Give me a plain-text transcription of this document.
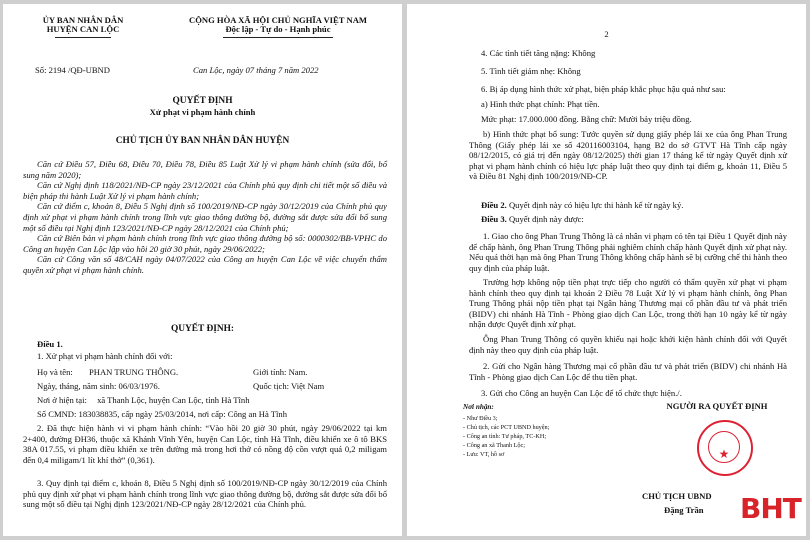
ỦY BAN NHÂN DÂN
HUYỆN CAN LỘC
CỘNG HÒA XÃ HỘI CHỦ NGHĨA VIỆT NAM
Độc lập - Tự do - Hạnh phúc
Số: 2194 /QĐ-UBND	Can Lộc, ngày 07 tháng 7 năm 2022
QUYẾT ĐỊNH
Xử phạt vi phạm hành chính
CHỦ TỊCH ỦY BAN NHÂN DÂN HUYỆN
Căn cứ Điều 57, Điều 68, Điều 70, Điều 78, Điều 85 Luật Xử lý vi phạm hành chính (sửa đổi, bổ sung năm 2020);
Căn cứ Nghị định 118/2021/NĐ-CP ngày 23/12/2021 của Chính phủ quy định chi tiết một số điều và biện pháp thi hành Luật Xử lý vi phạm hành chính;
Căn cứ điểm c, khoản 8, Điều 5 Nghị định số 100/2019/NĐ-CP ngày 30/12/2019 của Chính phủ quy định xử phạt vi phạm hành chính trong lĩnh vực giao thông đường bộ, đường sắt được sửa đổi bổ sung một số điều tại Nghị định 123/2021/NĐ-CP ngày 28/12/2021 của Chính phủ;
Căn cứ Biên bản vi phạm hành chính trong lĩnh vực giao thông đường bộ số: 0000302/BB-VPHC do Công an huyện Can Lộc lập vào hồi 20 giờ 30 phút, ngày 29/06/2022;
Căn cứ Công văn số 48/CAH ngày 04/07/2022 của Công an huyện Can Lộc về việc chuyển thẩm quyền xử phạt vi phạm hành chính.
QUYẾT ĐỊNH:
Điều 1.
1. Xử phạt vi phạm hành chính đối với:
Họ và tên: PHAN TRUNG THÔNG.	Giới tính: Nam.
Ngày, tháng, năm sinh: 06/03/1976.	Quốc tịch: Việt Nam
Nơi ở hiện tại: xã Thanh Lộc, huyện Can Lộc, tỉnh Hà Tĩnh
Số CMND: 183038835, cấp ngày 25/03/2014, nơi cấp: Công an Hà Tĩnh
2. Đã thực hiện hành vi vi phạm hành chính: “Vào hồi 20 giờ 30 phút, ngày 29/06/2022 tại km 2+400, đường ĐH36, thuộc xã Khánh Vĩnh Yên, huyện Can Lộc, tỉnh Hà Tĩnh, điều khiển xe ô tô BKS 38A 017.55, vi phạm điều khiển xe trên đường mà trong hơi thở có nồng độ cồn vượt quá 0,2 miligam đến 0,4 miligam/1 lít khí thở” (0,361).
3. Quy định tại điểm c, khoản 8, Điều 5 Nghị định số 100/2019/NĐ-CP ngày 30/12/2019 của Chính phủ quy định xử phạt vi phạm hành chính trong lĩnh vực giao thông đường bộ, đường sắt được sửa đổi bổ sung một số điều tại Nghị định 123/2021/NĐ-CP ngày 28/12/2021 của Chính phủ.
2
4. Các tình tiết tăng nặng: Không
5. Tình tiết giảm nhẹ: Không
6. Bị áp dụng hình thức xử phạt, biện pháp khắc phục hậu quả như sau:
a) Hình thức phạt chính: Phạt tiền.
Mức phạt: 17.000.000 đồng. Bằng chữ: Mười bảy triệu đồng.
b) Hình thức phạt bổ sung: Tước quyền sử dụng giấy phép lái xe của ông Phan Trung Thông (Giấy phép lái xe số 420116003104, hạng B2 do sở GTVT Hà Tĩnh cấp ngày 08/12/2015, có giá trị đến ngày 08/12/2025) thời gian 17 tháng kể từ ngày Quyết định xử phạt vi phạm hành chính có hiệu lực pháp luật theo quy định tại điểm g, khoản 11, Điều 5 và Điều 81 Nghị định 100/2019/NĐ-CP.
Điều 2. Quyết định này có hiệu lực thi hành kể từ ngày ký.
Điều 3. Quyết định này được:
1. Giao cho ông Phan Trung Thông là cá nhân vi phạm có tên tại Điều 1 Quyết định này để chấp hành, ông Phan Trung Thông phải nghiêm chỉnh chấp hành Quyết định xử phạt này. Nếu quá thời hạn mà ông Phan Trung Thông không chấp hành sẽ bị cưỡng chế thi hành theo quy định của pháp luật.
Trường hợp không nộp tiền phạt trực tiếp cho người có thẩm quyền xử phạt vi phạm hành chính theo quy định tại khoản 2 Điều 78 Luật Xử lý vi phạm hành chính, ông Phan Trung Thông phải nộp tiền phạt tại Ngân hàng Thương mại cổ phần đầu tư và phát triển (BIDV) chi nhánh Hà Tĩnh - Phòng giao dịch Can Lộc, trong thời hạn 10 ngày kể từ ngày nhận được Quyết định xử phạt.
Ông Phan Trung Thông có quyền khiếu nại hoặc khởi kiện hành chính đối với Quyết định này theo quy định của pháp luật.
2. Gửi cho Ngân hàng Thương mại cổ phần đầu tư và phát triển (BIDV) chi nhánh Hà Tĩnh - Phòng giao dịch Can Lộc để thu tiền phạt.
3. Gửi cho Công an huyện Can Lộc để tổ chức thực hiện./.
Nơi nhận:
- Như Điều 3;
- Chủ tịch, các PCT UBND huyện;
- Công an tỉnh: Tư pháp, TC-KH;
- Công an xã Thanh Lộc;
- Lưu: VT, hồ sơ
NGƯỜI RA QUYẾT ĐỊNH
★
CHỦ TỊCH UBND
Đặng Trần BHT
